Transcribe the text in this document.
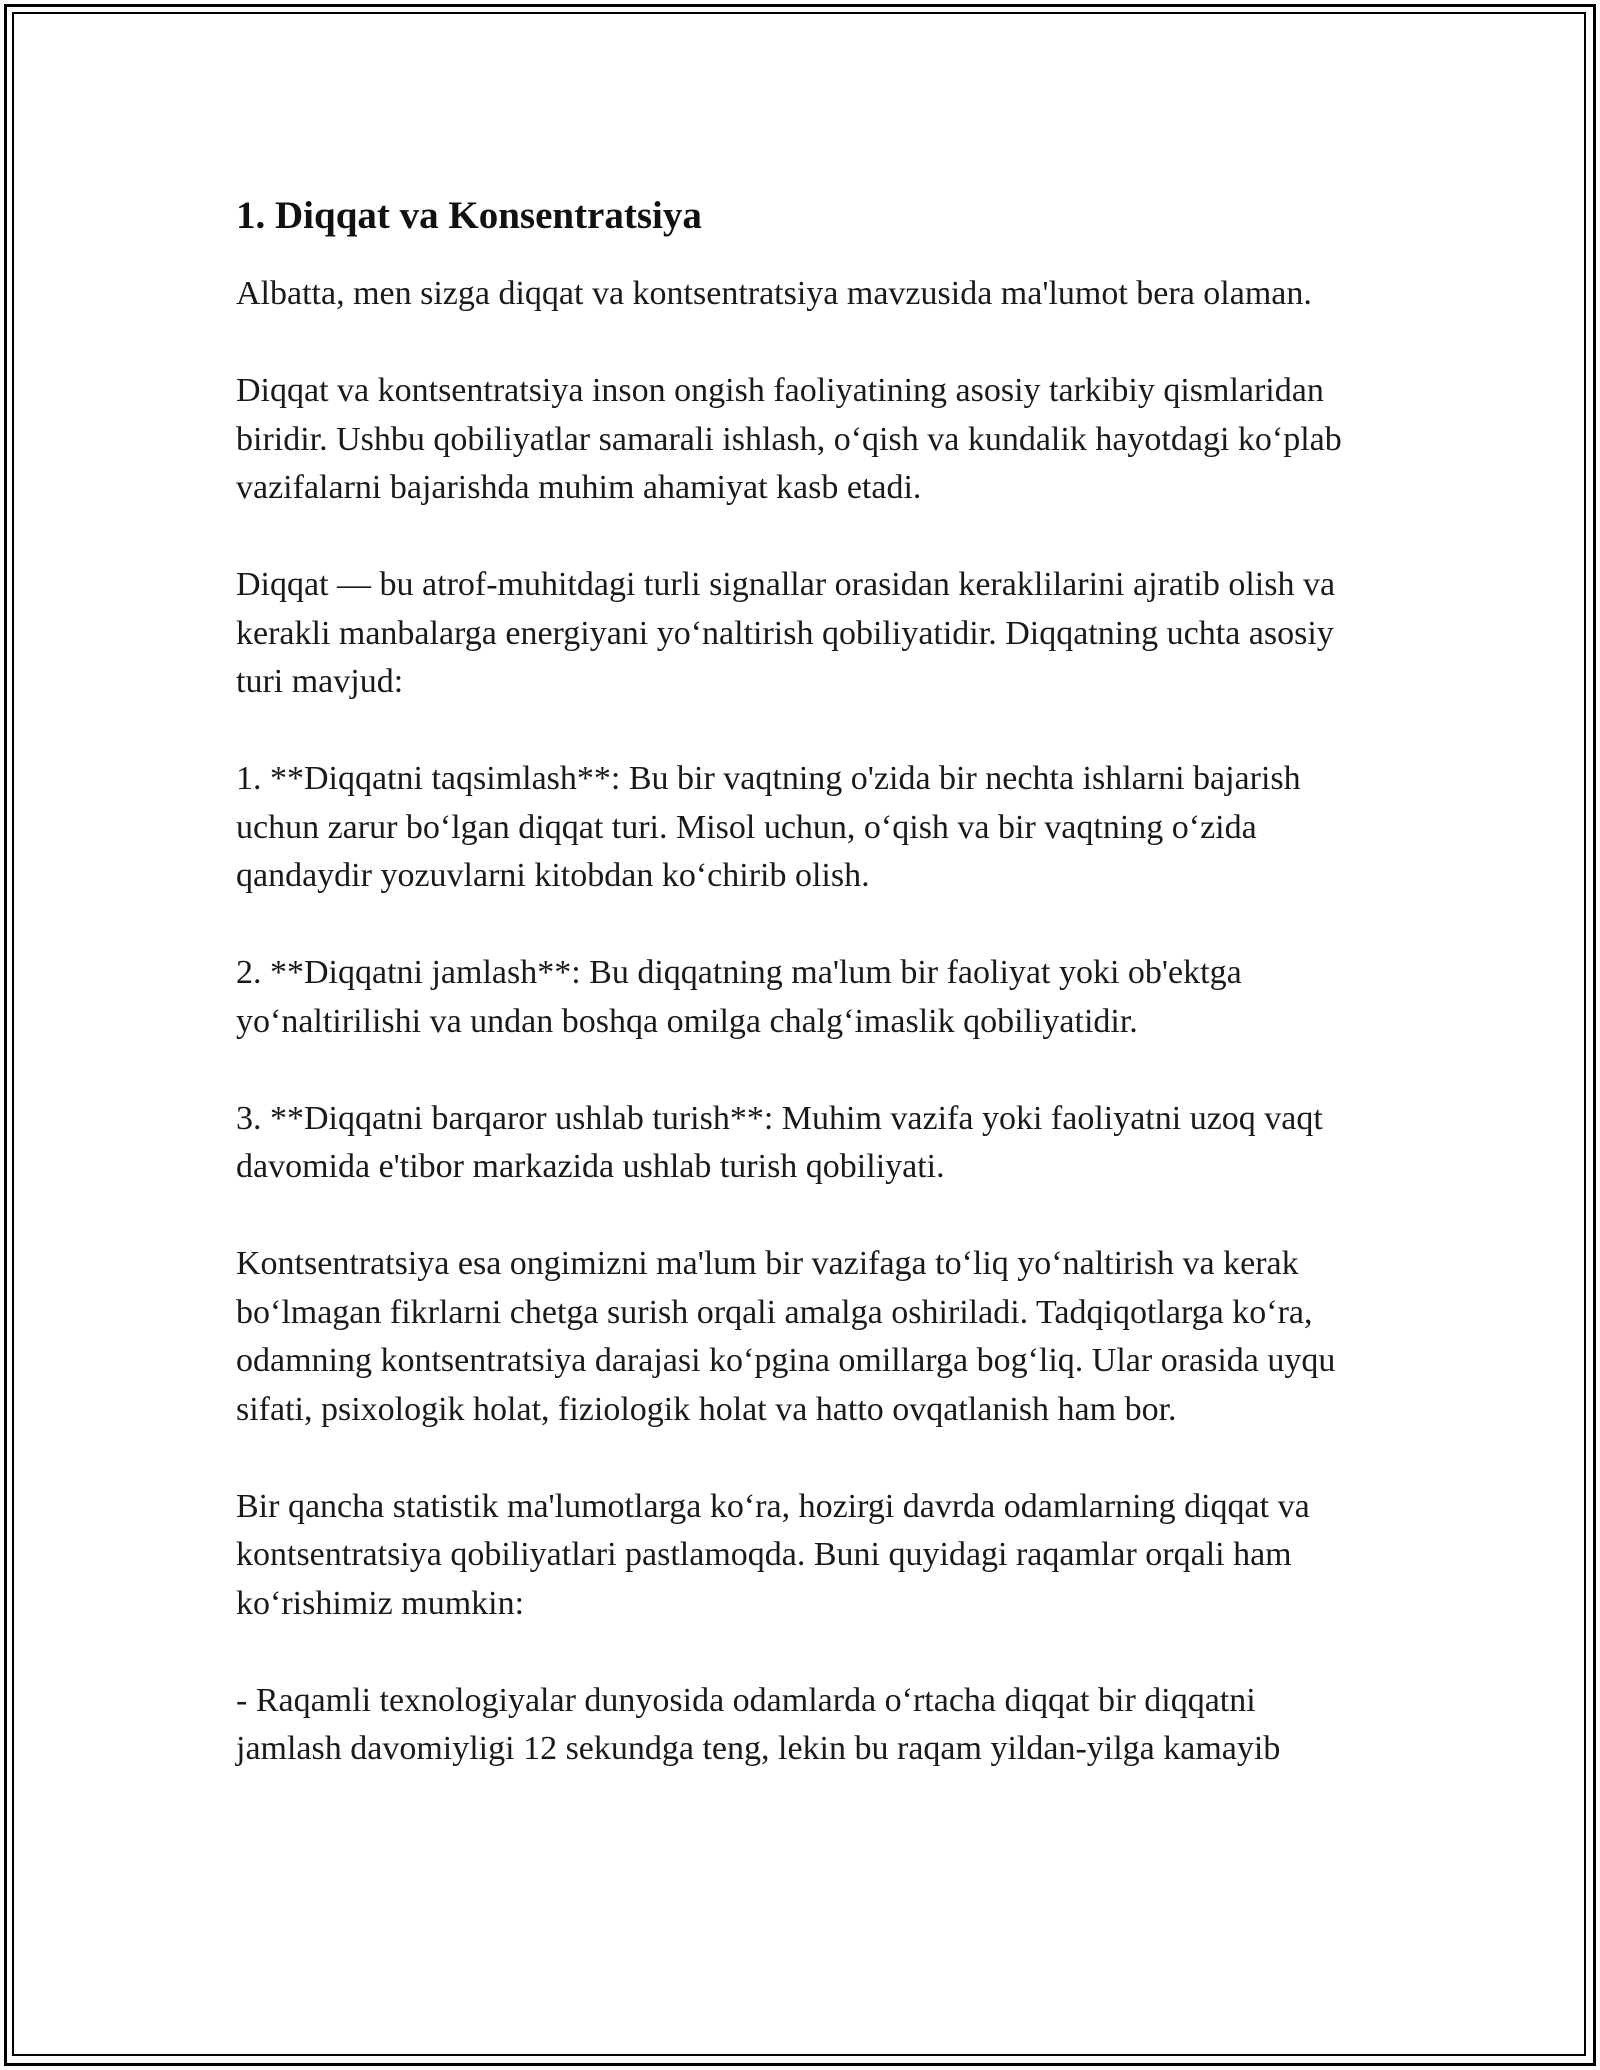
1. Diqqat va Konsentratsiya

Albatta, men sizga diqqat va kontsentratsiya mavzusida ma'lumot bera olaman.

Diqqat va kontsentratsiya inson ongish faoliyatining asosiy tarkibiy qismlaridan biridir. Ushbu qobiliyatlar samarali ishlash, o‘qish va kundalik hayotdagi ko‘plab vazifalarni bajarishda muhim ahamiyat kasb etadi.

Diqqat — bu atrof-muhitdagi turli signallar orasidan keraklilarini ajratib olish va kerakli manbalarga energiyani yo‘naltirish qobiliyatidir. Diqqatning uchta asosiy turi mavjud:

1. **Diqqatni taqsimlash**: Bu bir vaqtning o'zida bir nechta ishlarni bajarish uchun zarur bo‘lgan diqqat turi. Misol uchun, o‘qish va bir vaqtning o‘zida qandaydir yozuvlarni kitobdan ko‘chirib olish.

2. **Diqqatni jamlash**: Bu diqqatning ma'lum bir faoliyat yoki ob'ektga yo‘naltirilishi va undan boshqa omilga chalg‘imaslik qobiliyatidir.

3. **Diqqatni barqaror ushlab turish**: Muhim vazifa yoki faoliyatni uzoq vaqt davomida e'tibor markazida ushlab turish qobiliyati.

Kontsentratsiya esa ongimizni ma'lum bir vazifaga to‘liq yo‘naltirish va kerak bo‘lmagan fikrlarni chetga surish orqali amalga oshiriladi. Tadqiqotlarga ko‘ra, odamning kontsentratsiya darajasi ko‘pgina omillarga bog‘liq. Ular orasida uyqu sifati, psixologik holat, fiziologik holat va hatto ovqatlanish ham bor.

Bir qancha statistik ma'lumotlarga ko‘ra, hozirgi davrda odamlarning diqqat va kontsentratsiya qobiliyatlari pastlamoqda. Buni quyidagi raqamlar orqali ham ko‘rishimiz mumkin:

- Raqamli texnologiyalar dunyosida odamlarda o‘rtacha diqqat bir diqqatni jamlash davomiyligi 12 sekundga teng, lekin bu raqam yildan-yilga kamayib
